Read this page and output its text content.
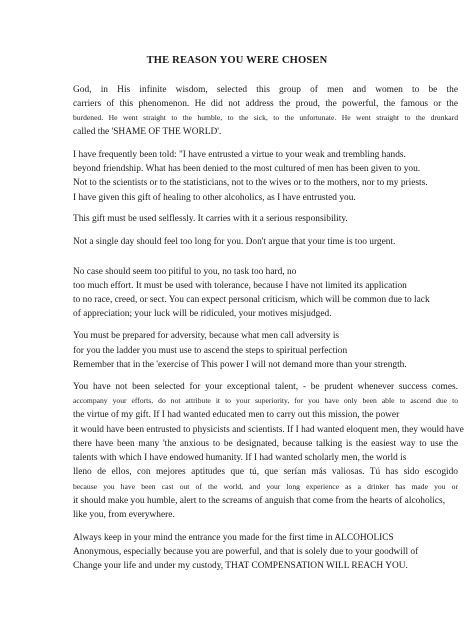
THE REASON YOU WERE CHOSEN
God, in His infinite wisdom, selected this group of men and women to be the
carriers of this phenomenon. He did not address the proud, the powerful, the famous or the
burdened. He went straight to the humble, to the sick, to the unfortunate. He went straight to the drunkard
called the 'SHAME OF THE WORLD'.
I have frequently been told: "I have entrusted a virtue to your weak and trembling hands.
beyond friendship. What has been denied to the most cultured of men has been given to you.
Not to the scientists or to the statisticians, not to the wives or to the mothers, nor to my priests.
I have given this gift of healing to other alcoholics, as I have entrusted you.
This gift must be used selflessly. It carries with it a serious responsibility.
Not a single day should feel too long for you. Don't argue that your time is too urgent.
No case should seem too pitiful to you, no task too hard, no
too much effort. It must be used with tolerance, because I have not limited its application
to no race, creed, or sect. You can expect personal criticism, which will be common due to lack
of appreciation; your luck will be ridiculed, your motives misjudged.
You must be prepared for adversity, because what men call adversity is
for you the ladder you must use to ascend the steps to spiritual perfection
Remember that in the 'exercise of This power I will not demand more than your strength.
You have not been selected for your exceptional talent, - be prudent whenever success comes.
accompany your efforts, do not attribute it to your superiority, for you have only been able to ascend due to
the virtue of my gift. If I had wanted educated men to carry out this mission, the power
it would have been entrusted to physicists and scientists. If I had wanted eloquent men, they would have
there have been many 'the anxious to be designated, because talking is the easiest way to use the
talents with which I have endowed humanity. If I had wanted scholarly men, the world is
lleno de ellos, con mejores aptitudes que tú, que serían más valiosas. Tú has sido escogido
because you have been cast out of the world, and your long experience as a drinker has made you or
it should make you humble, alert to the screams of anguish that come from the hearts of alcoholics,
like you, from everywhere.
Always keep in your mind the entrance you made for the first time in ALCOHOLICS
Anonymous, especially because you are powerful, and that is solely due to your goodwill of
Change your life and under my custody, THAT COMPENSATION WILL REACH YOU.
